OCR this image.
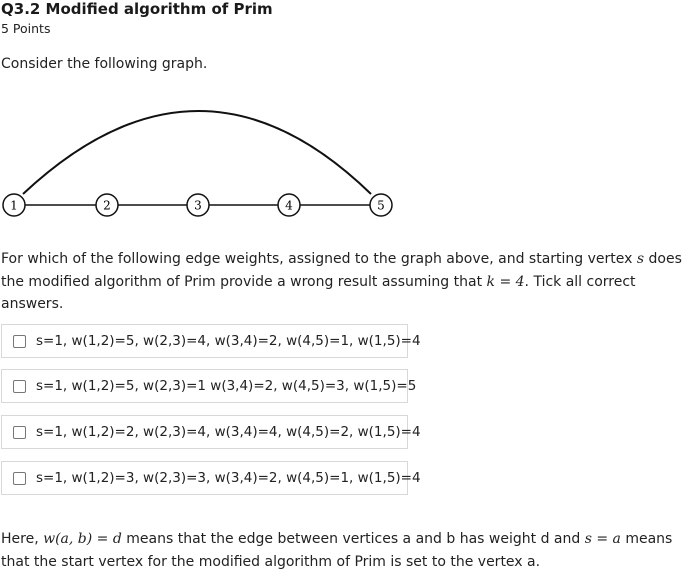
Q3.2 Modified algorithm of Prim
5 Points
Consider the following graph.
1	2	3	4	5
For which of the following edge weights, assigned to the graph above, and starting vertex s does the modified algorithm of Prim provide a wrong result assuming that k = 4. Tick all correct answers.
s=1, w(1,2)=5, w(2,3)=4, w(3,4)=2, w(4,5)=1, w(1,5)=4
s=1, w(1,2)=5, w(2,3)=1 w(3,4)=2, w(4,5)=3, w(1,5)=5
s=1, w(1,2)=2, w(2,3)=4, w(3,4)=4, w(4,5)=2, w(1,5)=4
s=1, w(1,2)=3, w(2,3)=3, w(3,4)=2, w(4,5)=1, w(1,5)=4
Here, w(a, b) = d means that the edge between vertices a and b has weight d and s = a means that the start vertex for the modified algorithm of Prim is set to the vertex a.
